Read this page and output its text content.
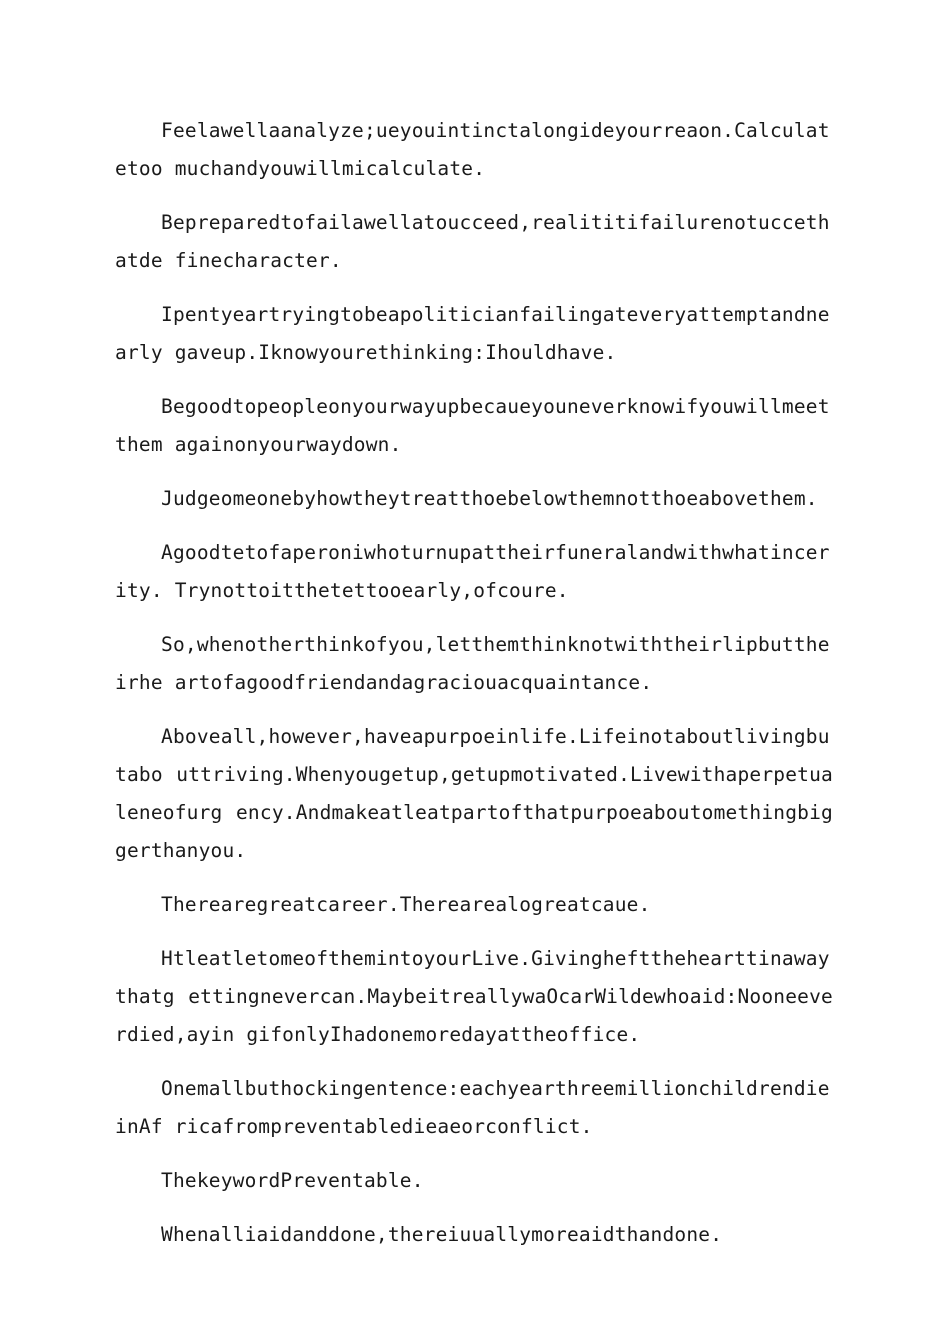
Feelawellaanalyze;ueyouintinctalongideyourreaon.Calculatetoo muchandyouwillmicalculate.

Bepreparedtofailawellatoucceed,realititifailurenotuccethatde finecharacter.

Ipentyeartryingtobeapoliticianfailingateveryattemptandnearly gaveup.Iknowyourethinking:Ihouldhave.

Begoodtopeopleonyourwayupbecaueyouneverknowifyouwillmeetthem againonyourwaydown.

Judgeomeonebyhowtheytreatthoebelowthemnotthoeabovethem.

Agoodtetofaperoniwhoturnupattheirfuneralandwithwhatincerity. Trynottoitthetettooearly,ofcoure.

So,whenotherthinkofyou,letthemthinknotwiththeirlipbuttheirhe artofagoodfriendandagraciouacquaintance.

Aboveall,however,haveapurpoeinlife.Lifeinotaboutlivingbutabo uttriving.Whenyougetup,getupmotivated.Livewithaperpetualeneofurg ency.Andmakeatleatpartofthatpurpoeaboutomethingbiggerthanyou.

Therearegreatcareer.Therearealogreatcaue.

HtleatletomeofthemintoyourLive.Givingheftthehearttinawaythatg ettingnevercan.MaybeitreallywaOcarWildewhoaid:Nooneeverdied,ayin gifonlyIhadonemoredayattheoffice.

Onemallbuthockingentence:eachyearthreemillionchildrendieinAf ricafrompreventabledieaeorconflict.

ThekeywordPreventable.

Whenalliaidanddone,thereiuuallymoreaidthandone.
